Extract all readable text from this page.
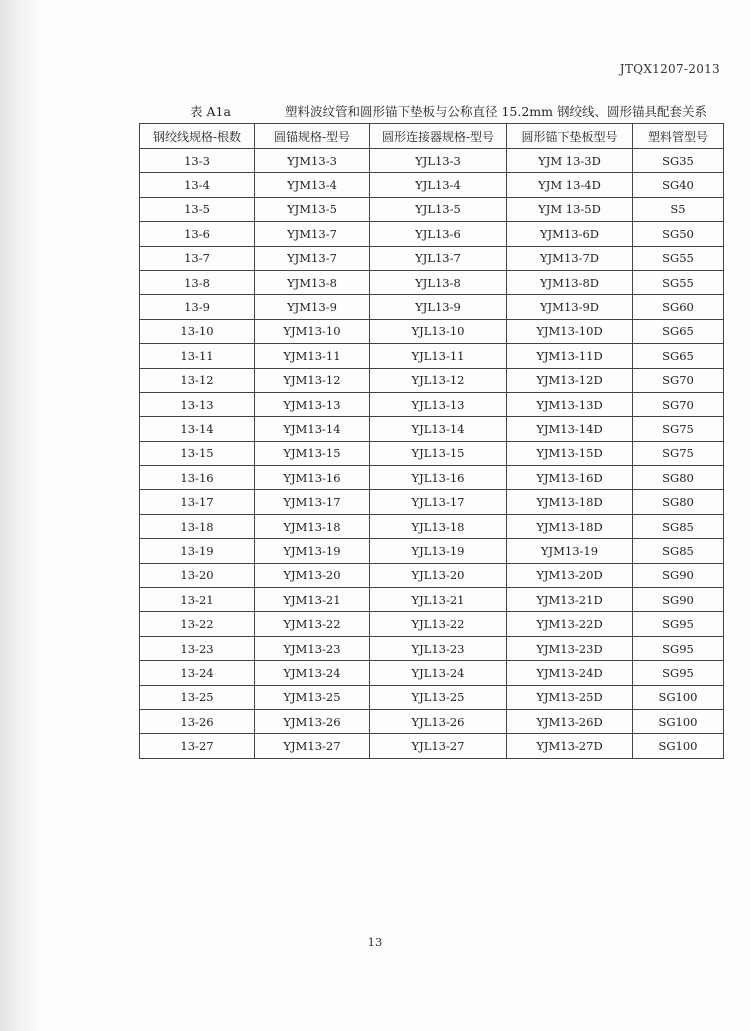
JTQX1207-2013
表 A1a	塑料波纹管和圆形锚下垫板与公称直径 15.2mm 钢绞线、圆形锚具配套关系
钢绞线规格-根数	圆锚规格-型号	圆形连接器规格-型号	圆形锚下垫板型号	塑料管型号
13-3	YJM13-3	YJL13-3	YJM 13-3D	SG35
13-4	YJM13-4	YJL13-4	YJM 13-4D	SG40
13-5	YJM13-5	YJL13-5	YJM 13-5D	S5
13-6	YJM13-7	YJL13-6	YJM13-6D	SG50
13-7	YJM13-7	YJL13-7	YJM13-7D	SG55
13-8	YJM13-8	YJL13-8	YJM13-8D	SG55
13-9	YJM13-9	YJL13-9	YJM13-9D	SG60
13-10	YJM13-10	YJL13-10	YJM13-10D	SG65
13-11	YJM13-11	YJL13-11	YJM13-11D	SG65
13-12	YJM13-12	YJL13-12	YJM13-12D	SG70
13-13	YJM13-13	YJL13-13	YJM13-13D	SG70
13-14	YJM13-14	YJL13-14	YJM13-14D	SG75
13-15	YJM13-15	YJL13-15	YJM13-15D	SG75
13-16	YJM13-16	YJL13-16	YJM13-16D	SG80
13-17	YJM13-17	YJL13-17	YJM13-18D	SG80
13-18	YJM13-18	YJL13-18	YJM13-18D	SG85
13-19	YJM13-19	YJL13-19	YJM13-19	SG85
13-20	YJM13-20	YJL13-20	YJM13-20D	SG90
13-21	YJM13-21	YJL13-21	YJM13-21D	SG90
13-22	YJM13-22	YJL13-22	YJM13-22D	SG95
13-23	YJM13-23	YJL13-23	YJM13-23D	SG95
13-24	YJM13-24	YJL13-24	YJM13-24D	SG95
13-25	YJM13-25	YJL13-25	YJM13-25D	SG100
13-26	YJM13-26	YJL13-26	YJM13-26D	SG100
13-27	YJM13-27	YJL13-27	YJM13-27D	SG100
13
